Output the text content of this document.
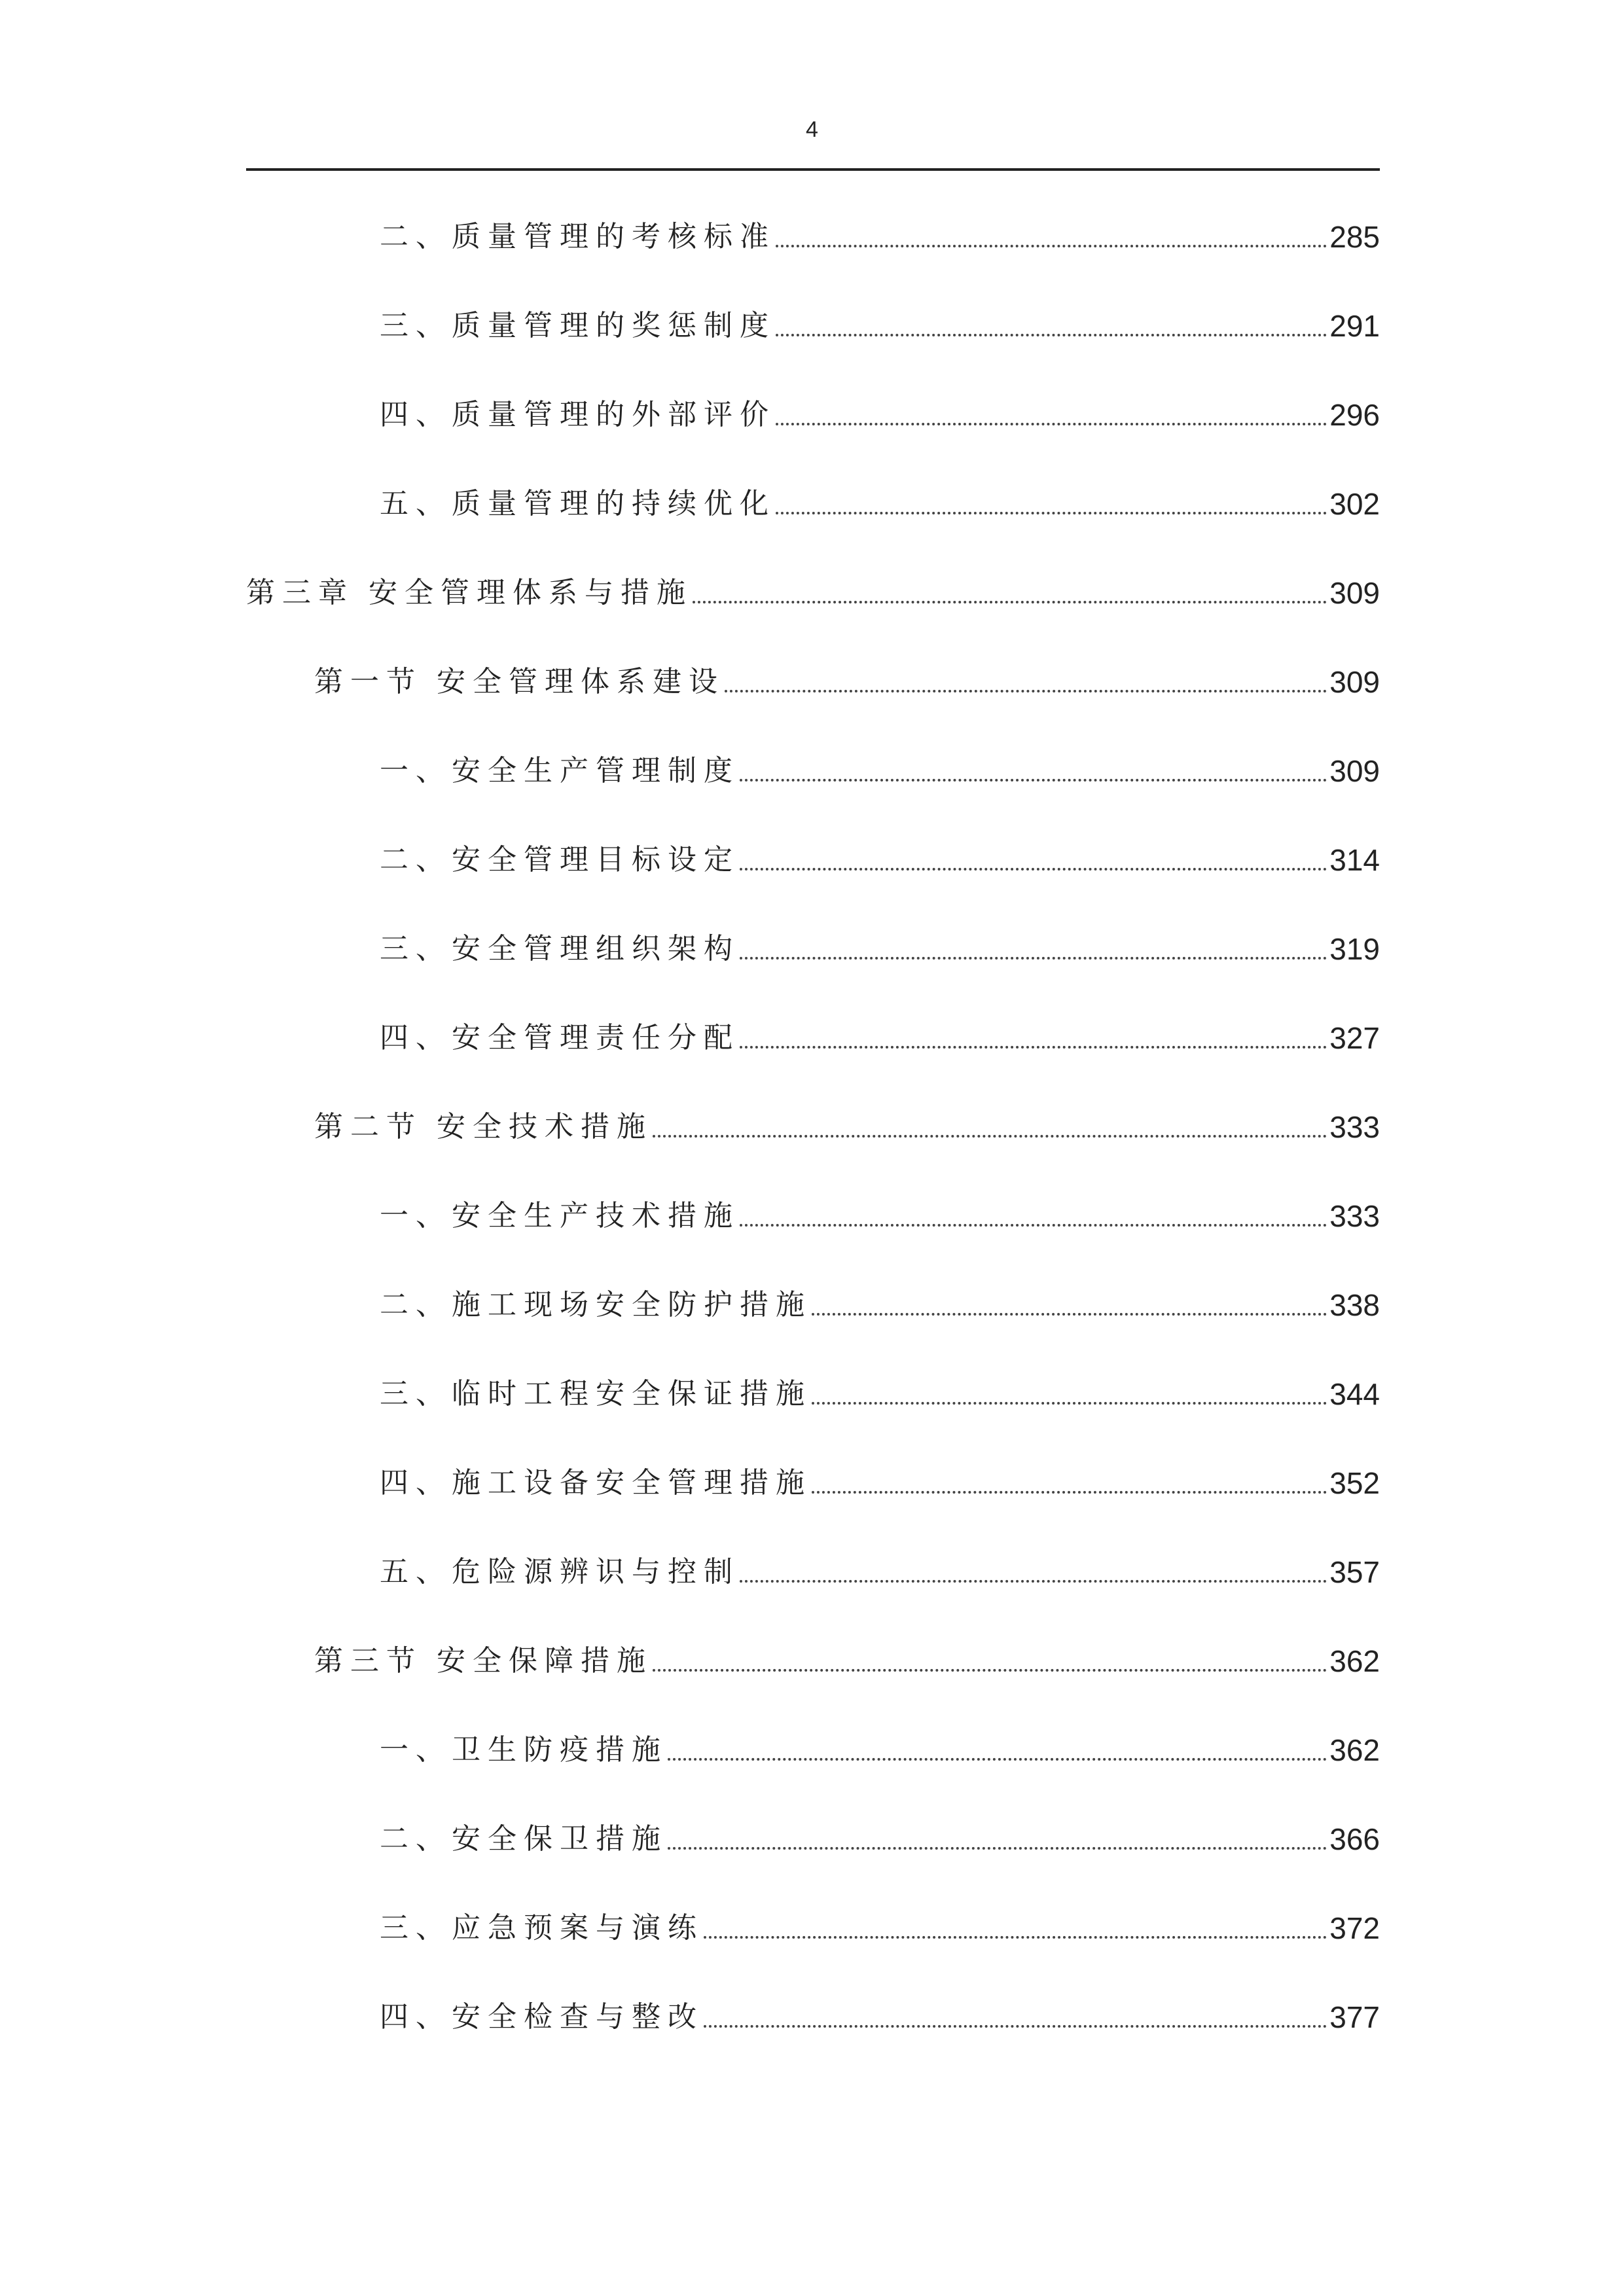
4
二、质量管理的考核标准	285
三、质量管理的奖惩制度	291
四、质量管理的外部评价	296
五、质量管理的持续优化	302
第三章 安全管理体系与措施	309
第一节 安全管理体系建设	309
一、安全生产管理制度	309
二、安全管理目标设定	314
三、安全管理组织架构	319
四、安全管理责任分配	327
第二节 安全技术措施	333
一、安全生产技术措施	333
二、施工现场安全防护措施	338
三、临时工程安全保证措施	344
四、施工设备安全管理措施	352
五、危险源辨识与控制	357
第三节 安全保障措施	362
一、卫生防疫措施	362
二、安全保卫措施	366
三、应急预案与演练	372
四、安全检查与整改	377
